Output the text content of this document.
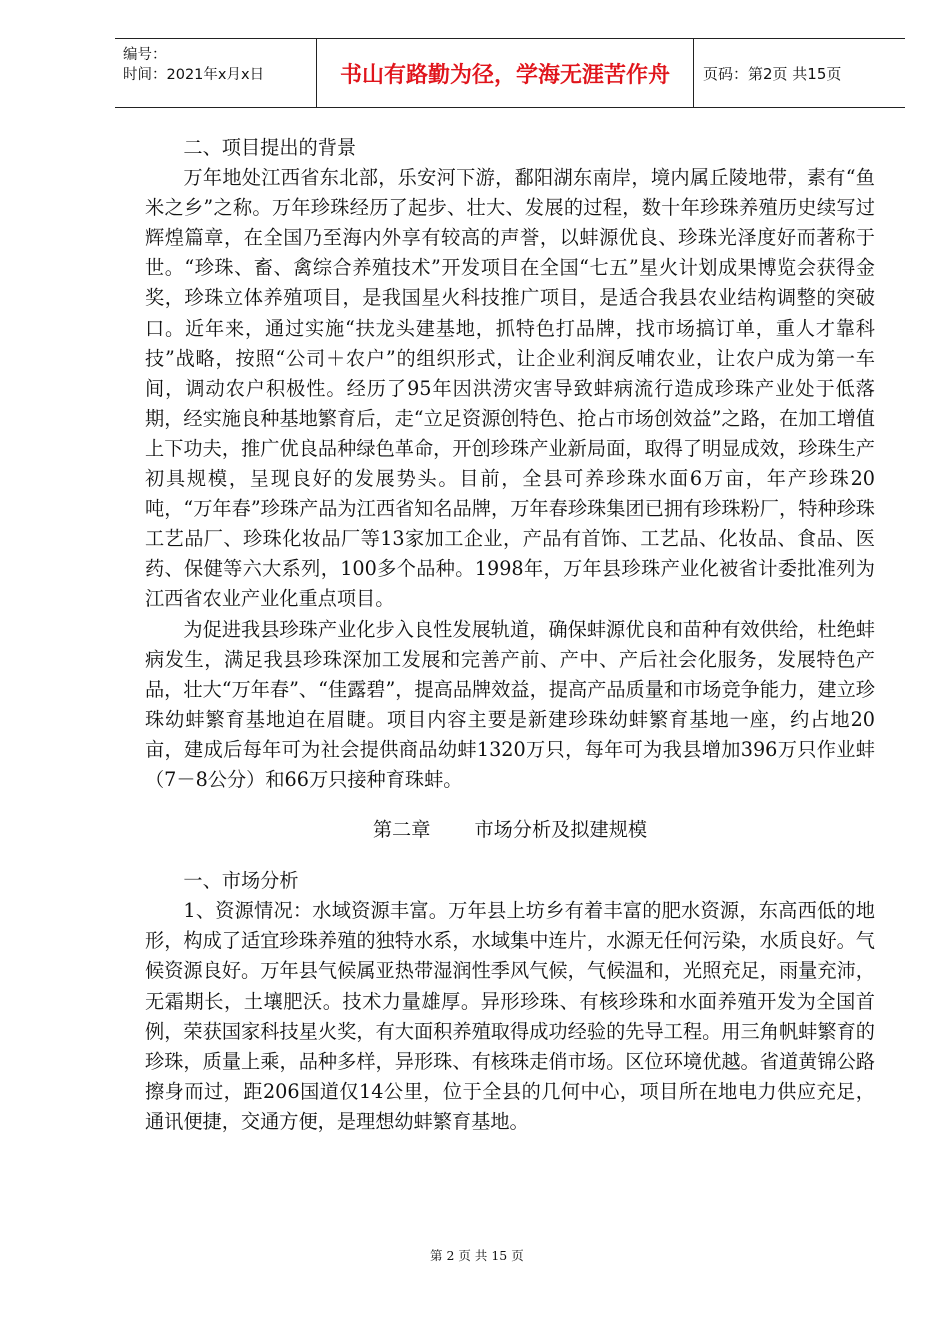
编号：
时间：2021年x月x日	书山有路勤为径，学海无涯苦作舟	页码：第2页 共15页

二、项目提出的背景

万年地处江西省东北部，乐安河下游，鄱阳湖东南岸，境内属丘陵地带，素有“鱼米之乡”之称。万年珍珠经历了起步、壮大、发展的过程，数十年珍珠养殖历史续写过辉煌篇章，在全国乃至海内外享有较高的声誉，以蚌源优良、珍珠光泽度好而著称于世。“珍珠、畜、禽综合养殖技术”开发项目在全国“七五”星火计划成果博览会获得金奖，珍珠立体养殖项目，是我国星火科技推广项目，是适合我县农业结构调整的突破口。近年来，通过实施“扶龙头建基地，抓特色打品牌，找市场搞订单，重人才靠科技”战略，按照“公司＋农户”的组织形式，让企业利润反哺农业，让农户成为第一车间，调动农户积极性。经历了95年因洪涝灾害导致蚌病流行造成珍珠产业处于低落期，经实施良种基地繁育后，走“立足资源创特色、抢占市场创效益”之路，在加工增值上下功夫，推广优良品种绿色革命，开创珍珠产业新局面，取得了明显成效，珍珠生产初具规模，呈现良好的发展势头。目前，全县可养珍珠水面6万亩，年产珍珠20吨，“万年春”珍珠产品为江西省知名品牌，万年春珍珠集团已拥有珍珠粉厂，特种珍珠工艺品厂、珍珠化妆品厂等13家加工企业，产品有首饰、工艺品、化妆品、食品、医药、保健等六大系列，100多个品种。1998年，万年县珍珠产业化被省计委批准列为江西省农业产业化重点项目。

为促进我县珍珠产业化步入良性发展轨道，确保蚌源优良和苗种有效供给，杜绝蚌病发生，满足我县珍珠深加工发展和完善产前、产中、产后社会化服务，发展特色产品，壮大“万年春”、“佳露碧”，提高品牌效益，提高产品质量和市场竞争能力，建立珍珠幼蚌繁育基地迫在眉睫。项目内容主要是新建珍珠幼蚌繁育基地一座，约占地20亩，建成后每年可为社会提供商品幼蚌1320万只，每年可为我县增加396万只作业蚌（7－8公分）和66万只接种育珠蚌。

第二章 市场分析及拟建规模

一、市场分析

1、资源情况：水域资源丰富。万年县上坊乡有着丰富的肥水资源，东高西低的地形，构成了适宜珍珠养殖的独特水系，水域集中连片，水源无任何污染，水质良好。气候资源良好。万年县气候属亚热带湿润性季风气候，气候温和，光照充足，雨量充沛，无霜期长，土壤肥沃。技术力量雄厚。异形珍珠、有核珍珠和水面养殖开发为全国首例，荣获国家科技星火奖，有大面积养殖取得成功经验的先导工程。用三角帆蚌繁育的珍珠，质量上乘，品种多样，异形珠、有核珠走俏市场。区位环境优越。省道黄锦公路擦身而过，距206国道仅14公里，位于全县的几何中心，项目所在地电力供应充足，通讯便捷，交通方便，是理想幼蚌繁育基地。

第 2 页 共 15 页
